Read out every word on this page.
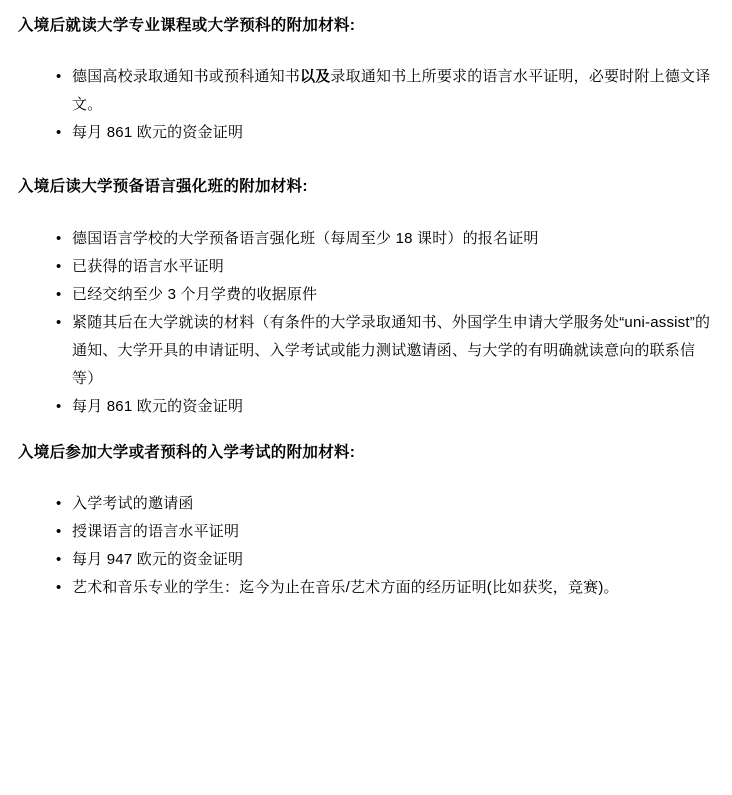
入境后就读大学专业课程或大学预科的附加材料:
• 德国高校录取通知书或预科通知书以及录取通知书上所要求的语言水平证明，必要时附上德文译文。
• 每月 861 欧元的资金证明
入境后读大学预备语言强化班的附加材料:
• 德国语言学校的大学预备语言强化班（每周至少 18 课时）的报名证明
• 已获得的语言水平证明
• 已经交纳至少 3 个月学费的收据原件
• 紧随其后在大学就读的材料（有条件的大学录取通知书、外国学生申请大学服务处“uni-assist”的通知、大学开具的申请证明、入学考试或能力测试邀请函、与大学的有明确就读意向的联系信等）
• 每月 861 欧元的资金证明
入境后参加大学或者预科的入学考试的附加材料:
• 入学考试的邀请函
• 授课语言的语言水平证明
• 每月 947 欧元的资金证明
• 艺术和音乐专业的学生：迄今为止在音乐/艺术方面的经历证明(比如获奖，竞赛)。
